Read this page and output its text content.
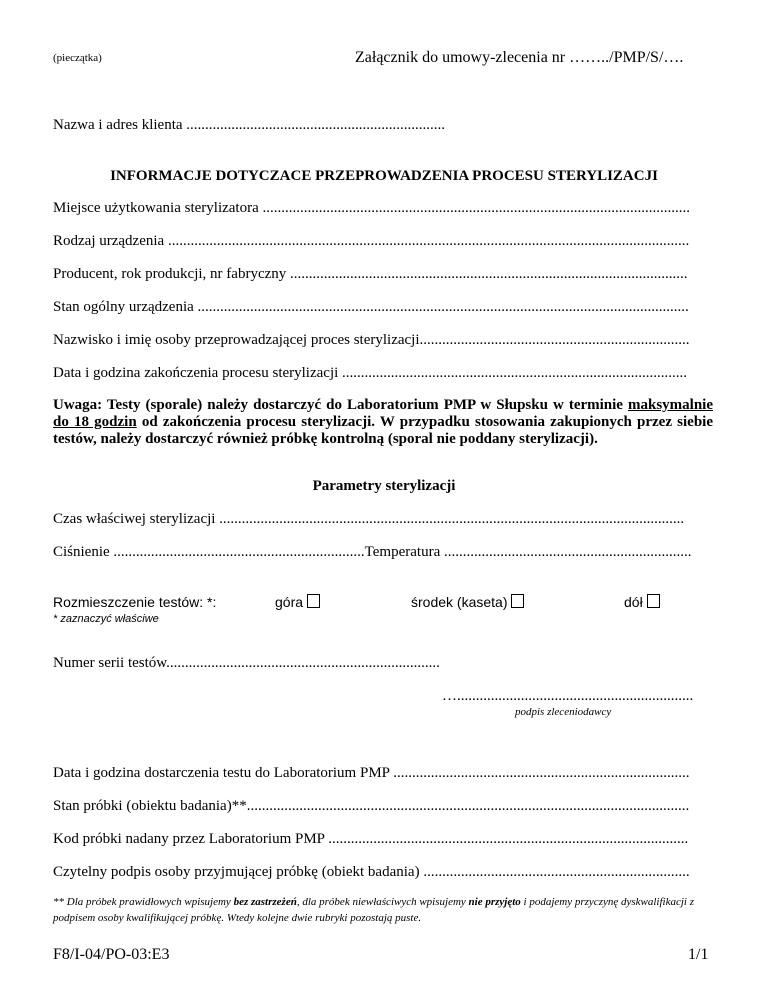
(pieczątka)	Załącznik do umowy-zlecenia nr ……../PMP/S/….
Nazwa i adres klienta .....................................................................
INFORMACJE DOTYCZACE PRZEPROWADZENIA PROCESU STERYLIZACJI
Miejsce użytkowania sterylizatora ..................................................................................................................
Rodzaj urządzenia ...........................................................................................................................................
Producent, rok produkcji, nr fabryczny ..........................................................................................................
Stan ogólny urządzenia ...................................................................................................................................
Nazwisko i imię osoby przeprowadzającej proces sterylizacji........................................................................
Data i godzina zakończenia procesu sterylizacji ............................................................................................
Uwaga: Testy (sporale) należy dostarczyć do Laboratorium PMP w Słupsku w terminie maksymalnie do 18 godzin od zakończenia procesu sterylizacji. W przypadku stosowania zakupionych przez siebie testów, należy dostarczyć również próbkę kontrolną (sporal nie poddany sterylizacji).
Parametry sterylizacji
Czas właściwej sterylizacji ............................................................................................................................
Ciśnienie ...................................................................Temperatura ..................................................................
Rozmieszczenie testów: *:	góra	środek (kaseta)	dół
* zaznaczyć właściwe
Numer serii testów.........................................................................
…...............................................................
podpis zleceniodawcy
Data i godzina dostarczenia testu do Laboratorium PMP ...............................................................................
Stan próbki (obiektu badania)**......................................................................................................................
Kod próbki nadany przez Laboratorium PMP ................................................................................................
Czytelny podpis osoby przyjmującej próbkę (obiekt badania) .......................................................................
** Dla próbek prawidłowych wpisujemy bez zastrzeżeń, dla próbek niewłaściwych wpisujemy nie przyjęto i podajemy przyczynę dyskwalifikacji z podpisem osoby kwalifikującej próbkę. Wtedy kolejne dwie rubryki pozostają puste.
F8/I-04/PO-03:E3	1/1
